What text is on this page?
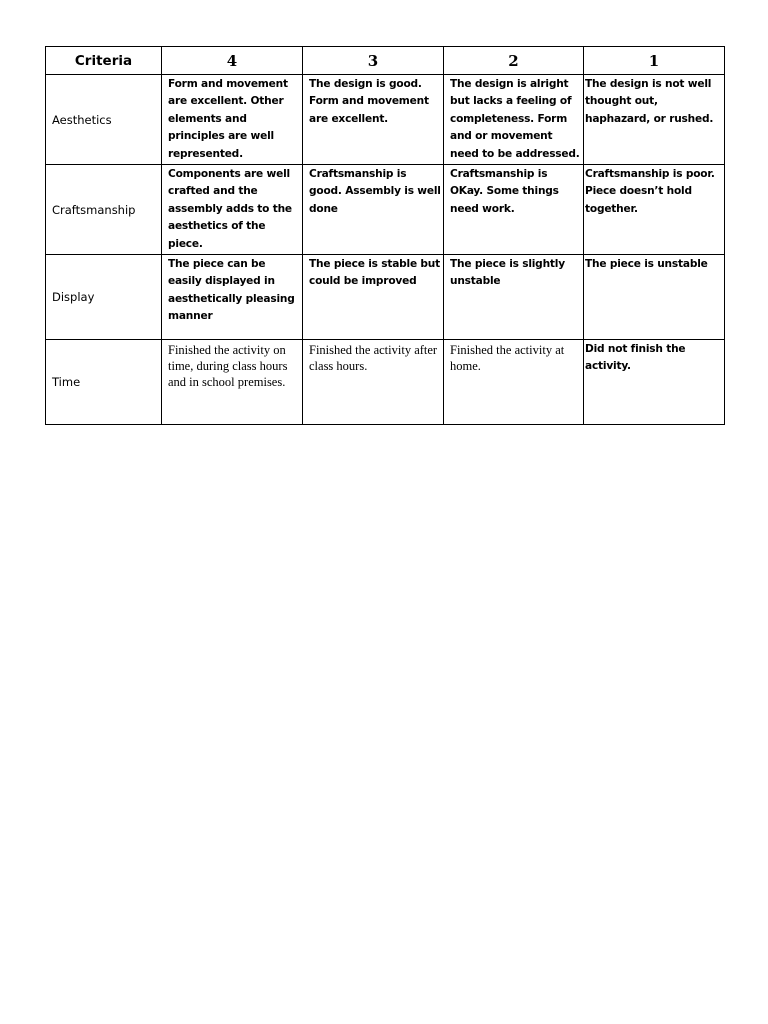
Criteria	4	3	2	1
Aesthetics	Form and movement are excellent. Other elements and principles are well represented.	The design is good. Form and movement are excellent.	The design is alright but lacks a feeling of completeness. Form and or movement need to be addressed.	The design is not well thought out, haphazard, or rushed.

Craftsmanship	Components are well crafted and the assembly adds to the aesthetics of the piece.	Craftsmanship is good. Assembly is well done	Craftsmanship is OKay. Some things need work.	Craftsmanship is poor. Piece doesn’t hold together.

Display	The piece can be easily displayed in aesthetically pleasing manner	The piece is stable but could be improved	The piece is slightly unstable	The piece is unstable

Time	Finished the activity on time, during class hours and in school premises.	Finished the activity after class hours.	Finished the activity at home.	Did not finish the activity.
